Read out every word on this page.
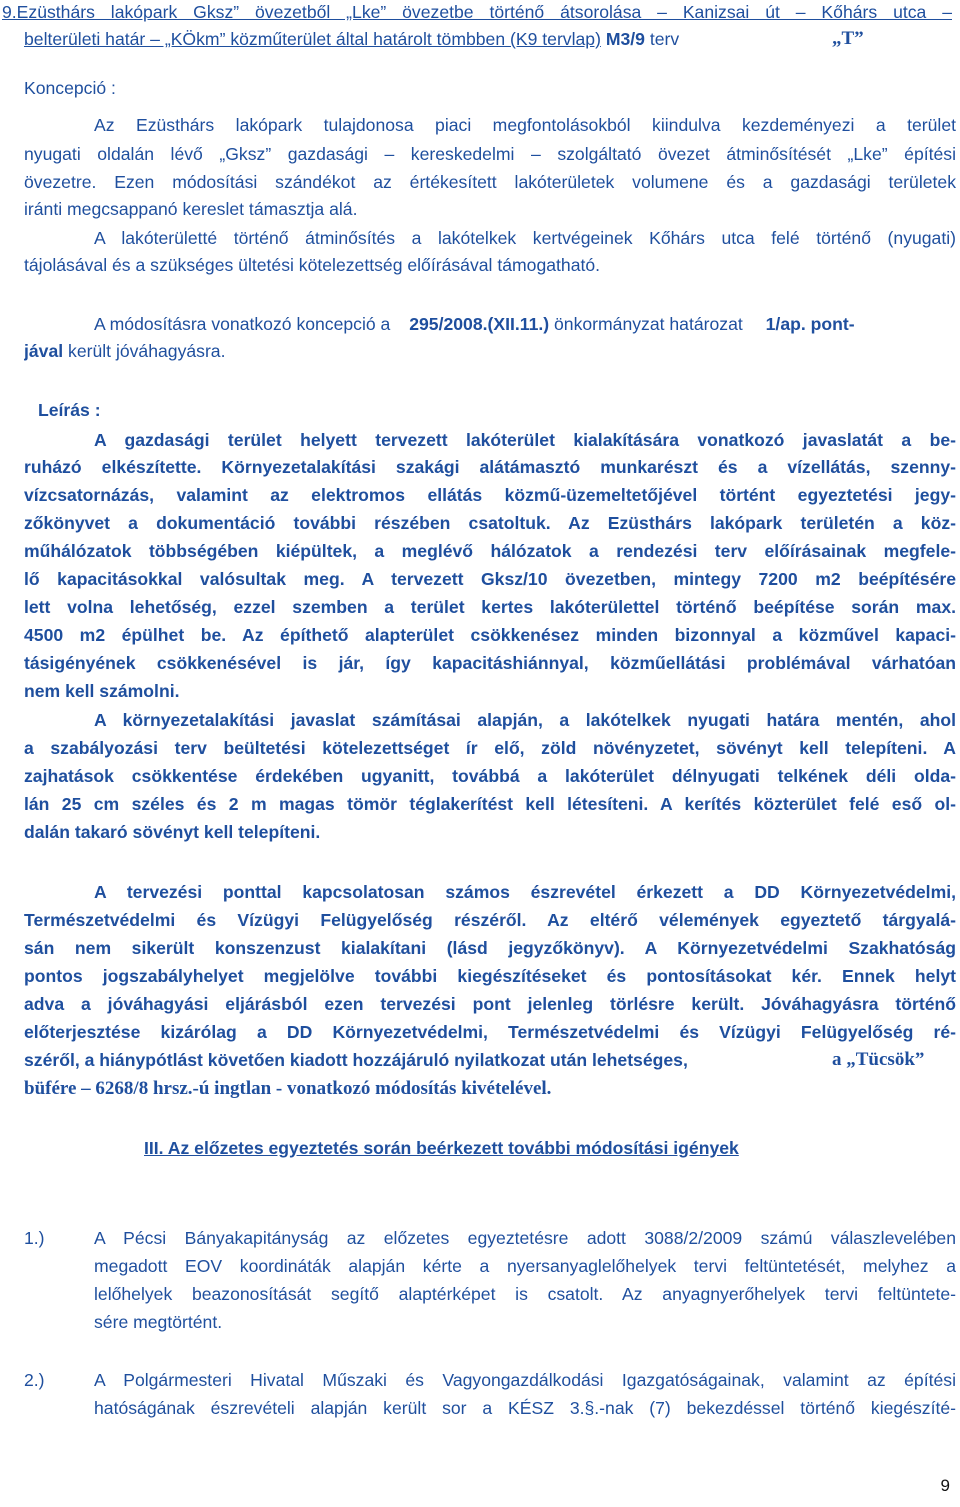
9.Ezüsthárs lakópark Gksz” övezetből „Lke” övezetbe történő átsorolása – Kanizsai út – Kőhárs utca –
belterületi határ – „KÖkm” közműterület által határolt tömbben (K9 tervlap) M3/9 terv	„T”
Koncepció :
Az Ezüsthárs lakópark tulajdonosa piaci megfontolásokból kiindulva kezdeményezi a terület
nyugati oldalán lévő „Gksz” gazdasági – kereskedelmi – szolgáltató övezet átminősítését „Lke” építési
övezetre. Ezen módosítási szándékot az értékesített lakóterületek volumene és a gazdasági területek
iránti megcsappanó kereslet támasztja alá.
A lakóterületté történő átminősítés a lakótelkek kertvégeinek Kőhárs utca felé történő (nyugati)
tájolásával és a szükséges ültetési kötelezettség előírásával támogatható.
A módosításra vonatkozó koncepció a 295/2008.(XII.11.) önkormányzat határozat 1/ap. pont-
jával került jóváhagyásra.
Leírás :
A gazdasági terület helyett tervezett lakóterület kialakítására vonatkozó javaslatát a be-
ruházó elkészítette. Környezetalakítási szakági alátámasztó munkarészt és a vízellátás, szenny-
vízcsatornázás, valamint az elektromos ellátás közmű-üzemeltetőjével történt egyeztetési jegy-
zőkönyvet a dokumentáció további részében csatoltuk. Az Ezüsthárs lakópark területén a köz-
műhálózatok többségében kiépültek, a meglévő hálózatok a rendezési terv előírásainak megfele-
lő kapacitásokkal valósultak meg. A tervezett Gksz/10 övezetben, mintegy 7200 m2 beépítésére
lett volna lehetőség, ezzel szemben a terület kertes lakóterülettel történő beépítése során max.
4500 m2 épülhet be. Az építhető alapterület csökkenésez minden bizonnyal a közművel kapaci-
tásigényének csökkenésével is jár, így kapacitáshiánnyal, közműellátási problémával várhatóan
nem kell számolni.
A környezetalakítási javaslat számításai alapján, a lakótelkek nyugati határa mentén, ahol
a szabályozási terv beültetési kötelezettséget ír elő, zöld növényzetet, sövényt kell telepíteni. A
zajhatások csökkentése érdekében ugyanitt, továbbá a lakóterület délnyugati telkének déli olda-
lán 25 cm széles és 2 m magas tömör téglakerítést kell létesíteni. A kerítés közterület felé eső ol-
dalán takaró sövényt kell telepíteni.
A tervezési ponttal kapcsolatosan számos észrevétel érkezett a DD Környezetvédelmi,
Természetvédelmi és Vízügyi Felügyelőség részéről. Az eltérő vélemények egyeztető tárgyalá-
sán nem sikerült konszenzust kialakítani (lásd jegyzőkönyv). A Környezetvédelmi Szakhatóság
pontos jogszabályhelyet megjelölve további kiegészítéseket és pontosításokat kér. Ennek helyt
adva a jóváhagyási eljárásból ezen tervezési pont jelenleg törlésre került. Jóváhagyásra történő
előterjesztése kizárólag a DD Környezetvédelmi, Természetvédelmi és Vízügyi Felügyelőség ré-
széről, a hiánypótlást követően kiadott hozzájáruló nyilatkozat után lehetséges,	a „Tücsök”
büfére – 6268/8 hrsz.-ú ingtlan - vonatkozó módosítás kivételével.
III. Az előzetes egyeztetés során beérkezett további módosítási igények
1.)	A Pécsi Bányakapitányság az előzetes egyeztetésre adott 3088/2/2009 számú válaszlevelében
megadott EOV koordináták alapján kérte a nyersanyaglelőhelyek tervi feltüntetését, melyhez a
lelőhelyek beazonosítását segítő alaptérképet is csatolt. Az anyagnyerőhelyek tervi feltüntete-
sére megtörtént.
2.)	A Polgármesteri Hivatal Műszaki és Vagyongazdálkodási Igazgatóságainak, valamint az építési
hatóságának észrevételi alapján került sor a KÉSZ 3.§.-nak (7) bekezdéssel történő kiegészíté-
9
